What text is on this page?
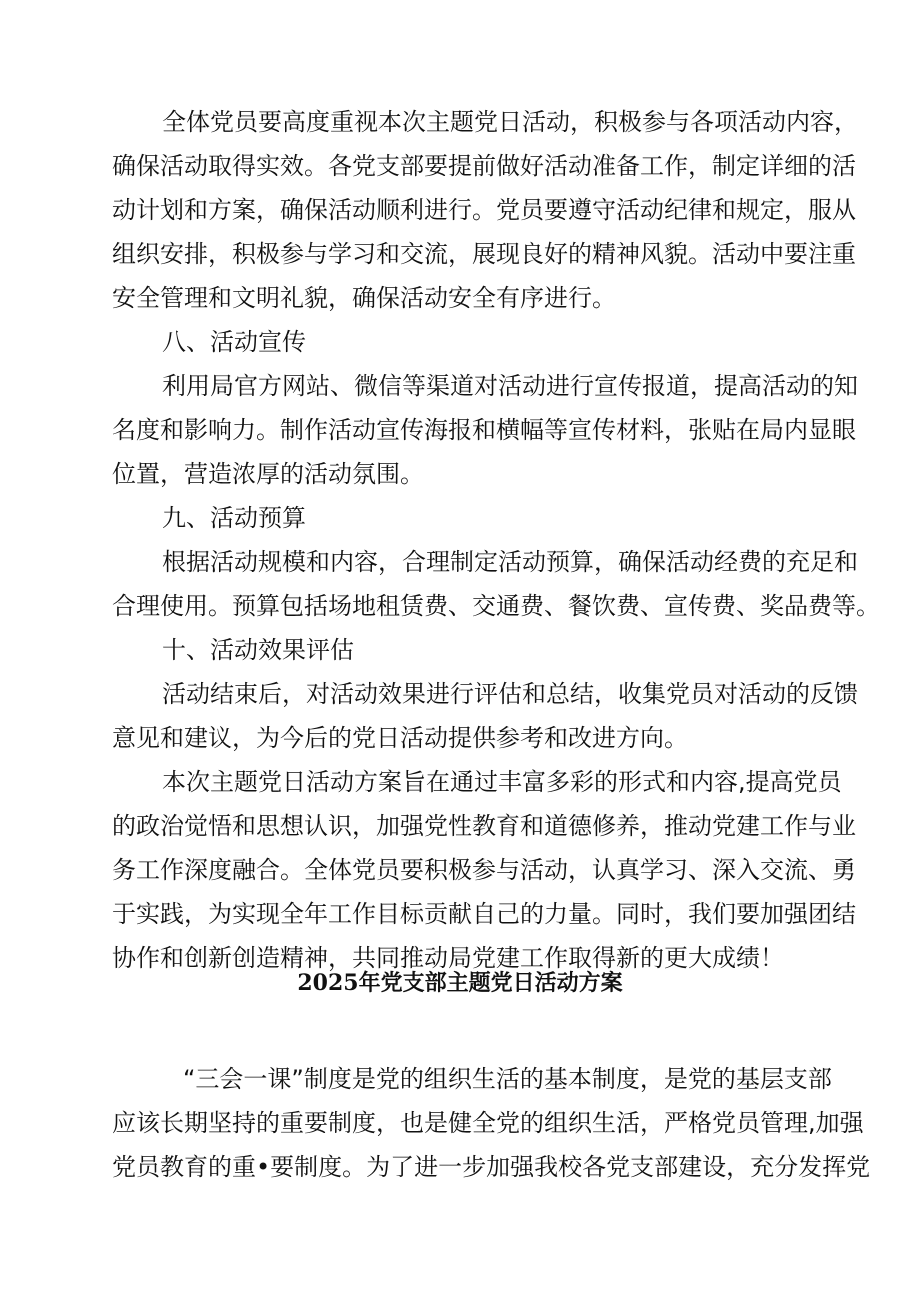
全体党员要高度重视本次主题党日活动，积极参与各项活动内容，
确保活动取得实效。各党支部要提前做好活动准备工作，制定详细的活
动计划和方案，确保活动顺利进行。党员要遵守活动纪律和规定，服从
组织安排，积极参与学习和交流，展现良好的精神风貌。活动中要注重
安全管理和文明礼貌，确保活动安全有序进行。
八、活动宣传
利用局官方网站、微信等渠道对活动进行宣传报道，提高活动的知
名度和影响力。制作活动宣传海报和横幅等宣传材料，张贴在局内显眼
位置，营造浓厚的活动氛围。
九、活动预算
根据活动规模和内容，合理制定活动预算，确保活动经费的充足和
合理使用。预算包括场地租赁费、交通费、餐饮费、宣传费、奖品费等。
十、活动效果评估
活动结束后，对活动效果进行评估和总结，收集党员对活动的反馈
意见和建议，为今后的党日活动提供参考和改进方向。
本次主题党日活动方案旨在通过丰富多彩的形式和内容,提高党员
的政治觉悟和思想认识，加强党性教育和道德修养，推动党建工作与业
务工作深度融合。全体党员要积极参与活动，认真学习、深入交流、勇
于实践，为实现全年工作目标贡献自己的力量。同时，我们要加强团结
协作和创新创造精神，共同推动局党建工作取得新的更大成绩！
2025年党支部主题党日活动方案
“三会一课”制度是党的组织生活的基本制度，是党的基层支部
应该长期坚持的重要制度，也是健全党的组织生活，严格党员管理,加强
党员教育的重•要制度。为了进一步加强我校各党支部建设，充分发挥党
